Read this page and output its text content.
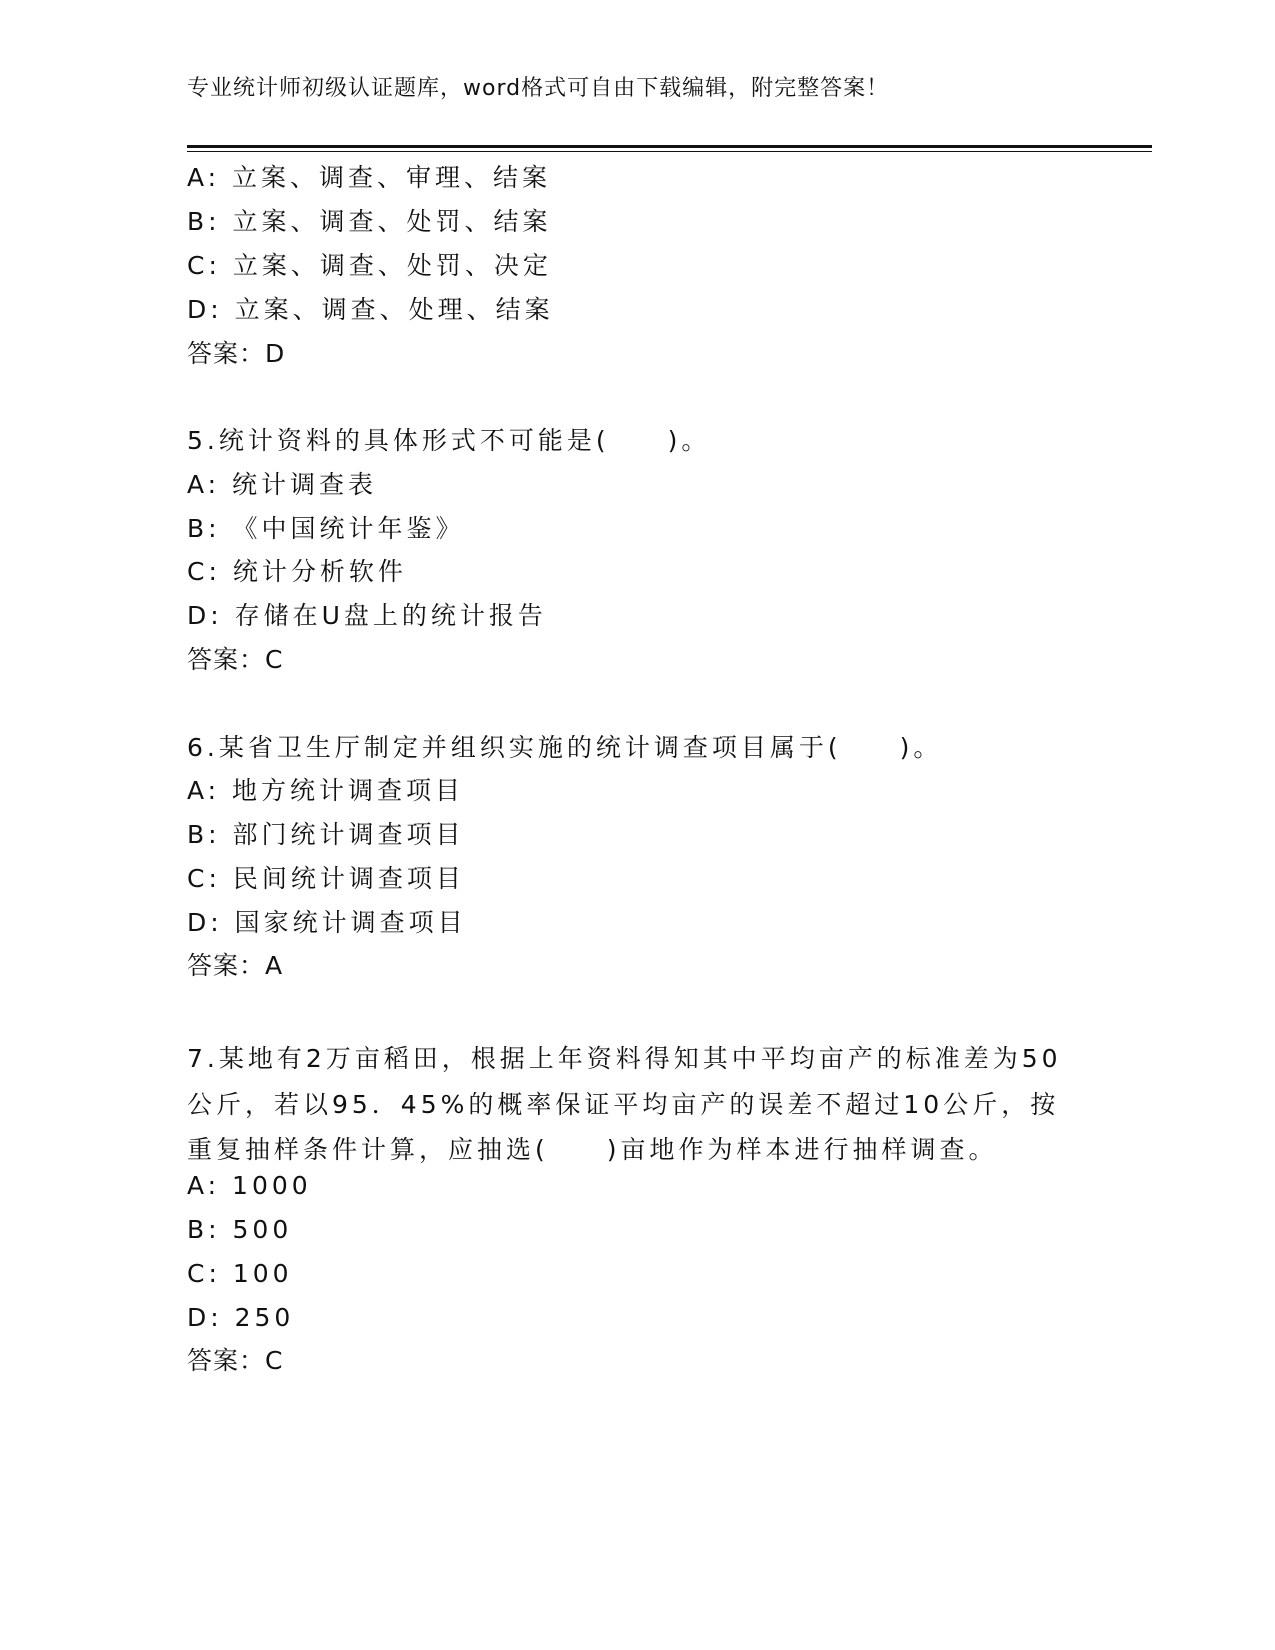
专业统计师初级认证题库，word格式可自由下载编辑，附完整答案！
A: 立案、调查、审理、结案
B: 立案、调查、处罚、结案
C: 立案、调查、处罚、决定
D: 立案、调查、处理、结案
答案：D
5.统计资料的具体形式不可能是(　　)。
A: 统计调查表
B: 《中国统计年鉴》
C: 统计分析软件
D: 存储在U盘上的统计报告
答案：C
6.某省卫生厅制定并组织实施的统计调查项目属于(　　)。
A: 地方统计调查项目
B: 部门统计调查项目
C: 民间统计调查项目
D: 国家统计调查项目
答案：A
7.某地有2万亩稻田，根据上年资料得知其中平均亩产的标准差为50公斤，若以95．45%的概率保证平均亩产的误差不超过10公斤，按重复抽样条件计算，应抽选(　　)亩地作为样本进行抽样调查。
A: 1000
B: 500
C: 100
D: 250
答案：C
